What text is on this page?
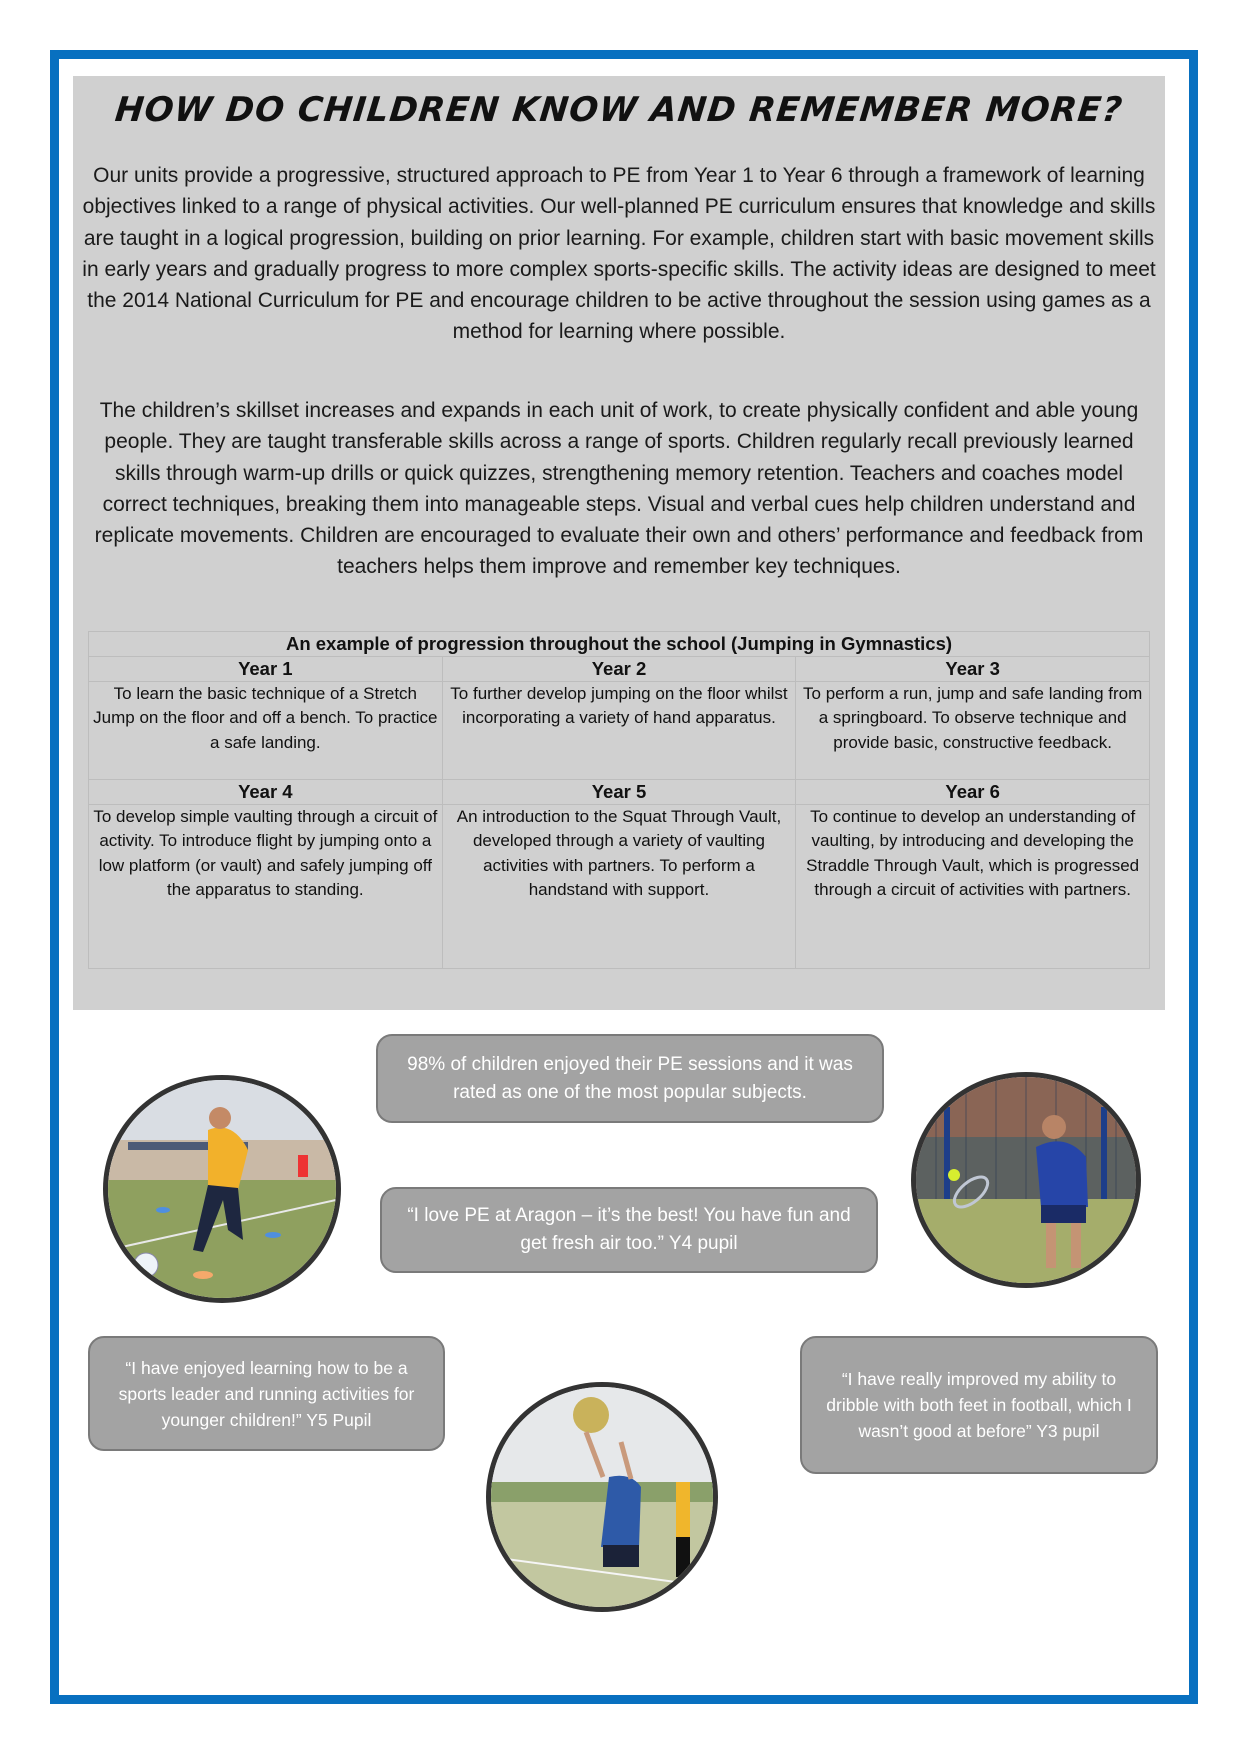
HOW DO CHILDREN KNOW AND REMEMBER MORE?

Our units provide a progressive, structured approach to PE from Year 1 to Year 6 through a framework of learning objectives linked to a range of physical activities. Our well-planned PE curriculum ensures that knowledge and skills are taught in a logical progression, building on prior learning. For example, children start with basic movement skills in early years and gradually progress to more complex sports-specific skills. The activity ideas are designed to meet the 2014 National Curriculum for PE and encourage children to be active throughout the session using games as a method for learning where possible.

The children’s skillset increases and expands in each unit of work, to create physically confident and able young people. They are taught transferable skills across a range of sports. Children regularly recall previously learned skills through warm-up drills or quick quizzes, strengthening memory retention. Teachers and coaches model correct techniques, breaking them into manageable steps. Visual and verbal cues help children understand and replicate movements. Children are encouraged to evaluate their own and others’ performance and feedback from teachers helps them improve and remember key techniques.

An example of progression throughout the school (Jumping in Gymnastics)		
Year 1	Year 2	Year 3
To learn the basic technique of a Stretch Jump on the floor and off a bench. To practice a safe landing.	To further develop jumping on the floor whilst incorporating a variety of hand apparatus.	To perform a run, jump and safe landing from a springboard. To observe technique and provide basic, constructive feedback.
Year 4	Year 5	Year 6
To develop simple vaulting through a circuit of activity. To introduce flight by jumping onto a low platform (or vault) and safely jumping off the apparatus to standing.	An introduction to the Squat Through Vault, developed through a variety of vaulting activities with partners. To perform a handstand with support.	To continue to develop an understanding of vaulting, by introducing and developing the Straddle Through Vault, which is progressed through a circuit of activities with partners.
98% of children enjoyed their PE sessions and it was rated as one of the most popular subjects.
“I love PE at Aragon – it’s the best! You have fun and get fresh air too.” Y4 pupil
“I have enjoyed learning how to be a sports leader and running activities for younger children!” Y5 Pupil
“I have really improved my ability to dribble with both feet in football, which I wasn’t good at before” Y3 pupil
